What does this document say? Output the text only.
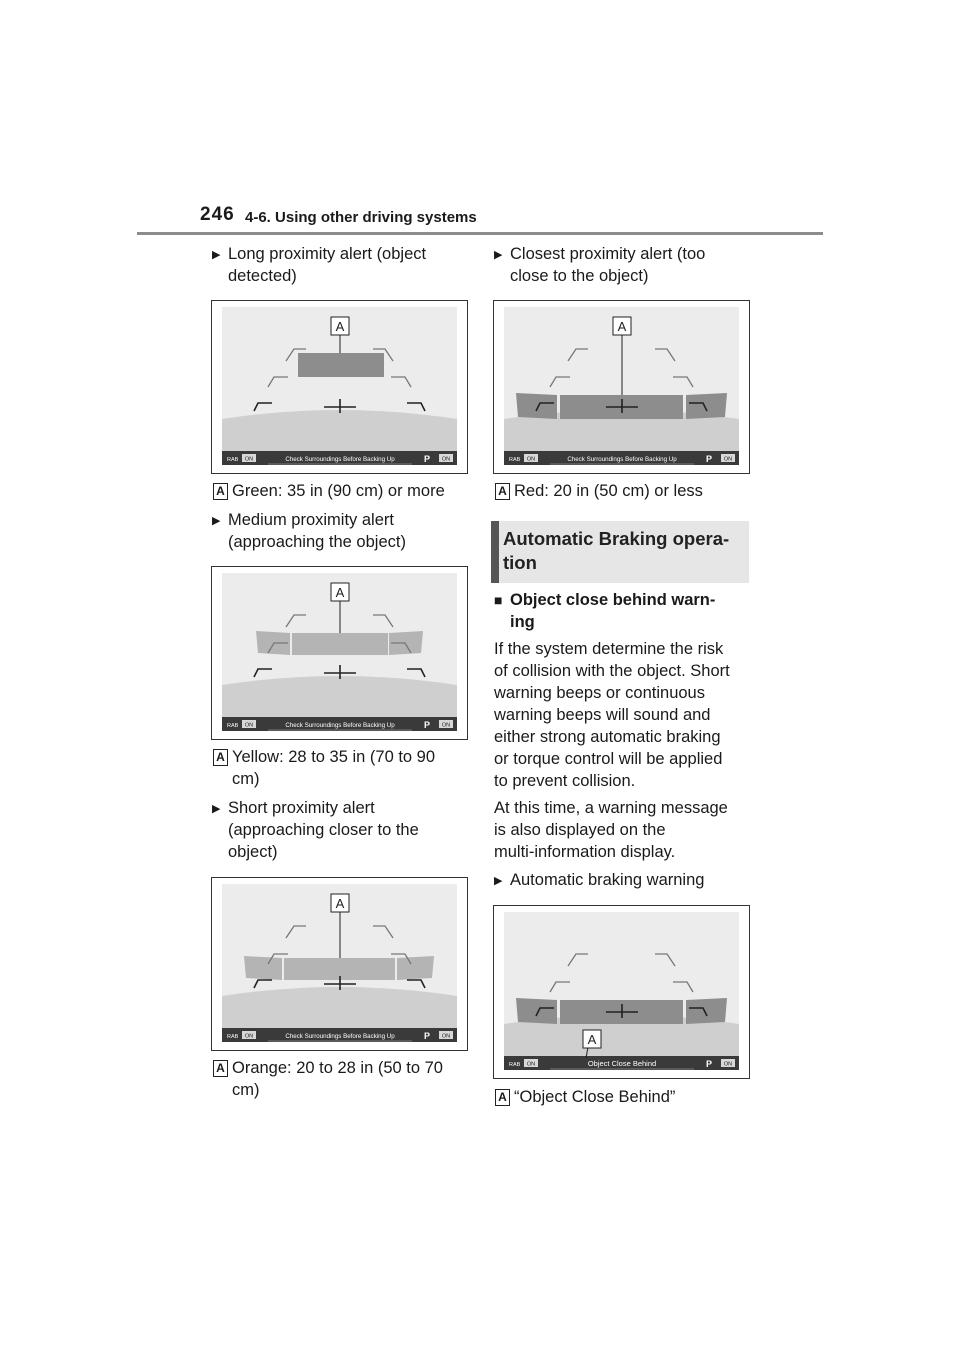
246 4-6. Using other driving systems
▶ Long proximity alert (object
detected)
A
RAB ON	Check Surroundings Before Backing Up	P ON
A Green: 35 in (90 cm) or more
▶ Medium proximity alert
(approaching the object)
A
RAB ON	Check Surroundings Before Backing Up	P ON
A Yellow: 28 to 35 in (70 to 90
cm)
▶ Short proximity alert
(approaching closer to the
object)
A
RAB ON	Check Surroundings Before Backing Up	P ON
A Orange: 20 to 28 in (50 to 70
cm)
▶ Closest proximity alert (too
close to the object)
A
RAB ON	Check Surroundings Before Backing Up	P ON
A Red: 20 in (50 cm) or less
Automatic Braking opera-
tion
■ Object close behind warn-
ing
If the system determine the risk
of collision with the object. Short
warning beeps or continuous
warning beeps will sound and
either strong automatic braking
or torque control will be applied
to prevent collision.
At this time, a warning message
is also displayed on the
multi-information display.
▶ Automatic braking warning
A
RAB ON	Object Close Behind	P ON
A “Object Close Behind”
